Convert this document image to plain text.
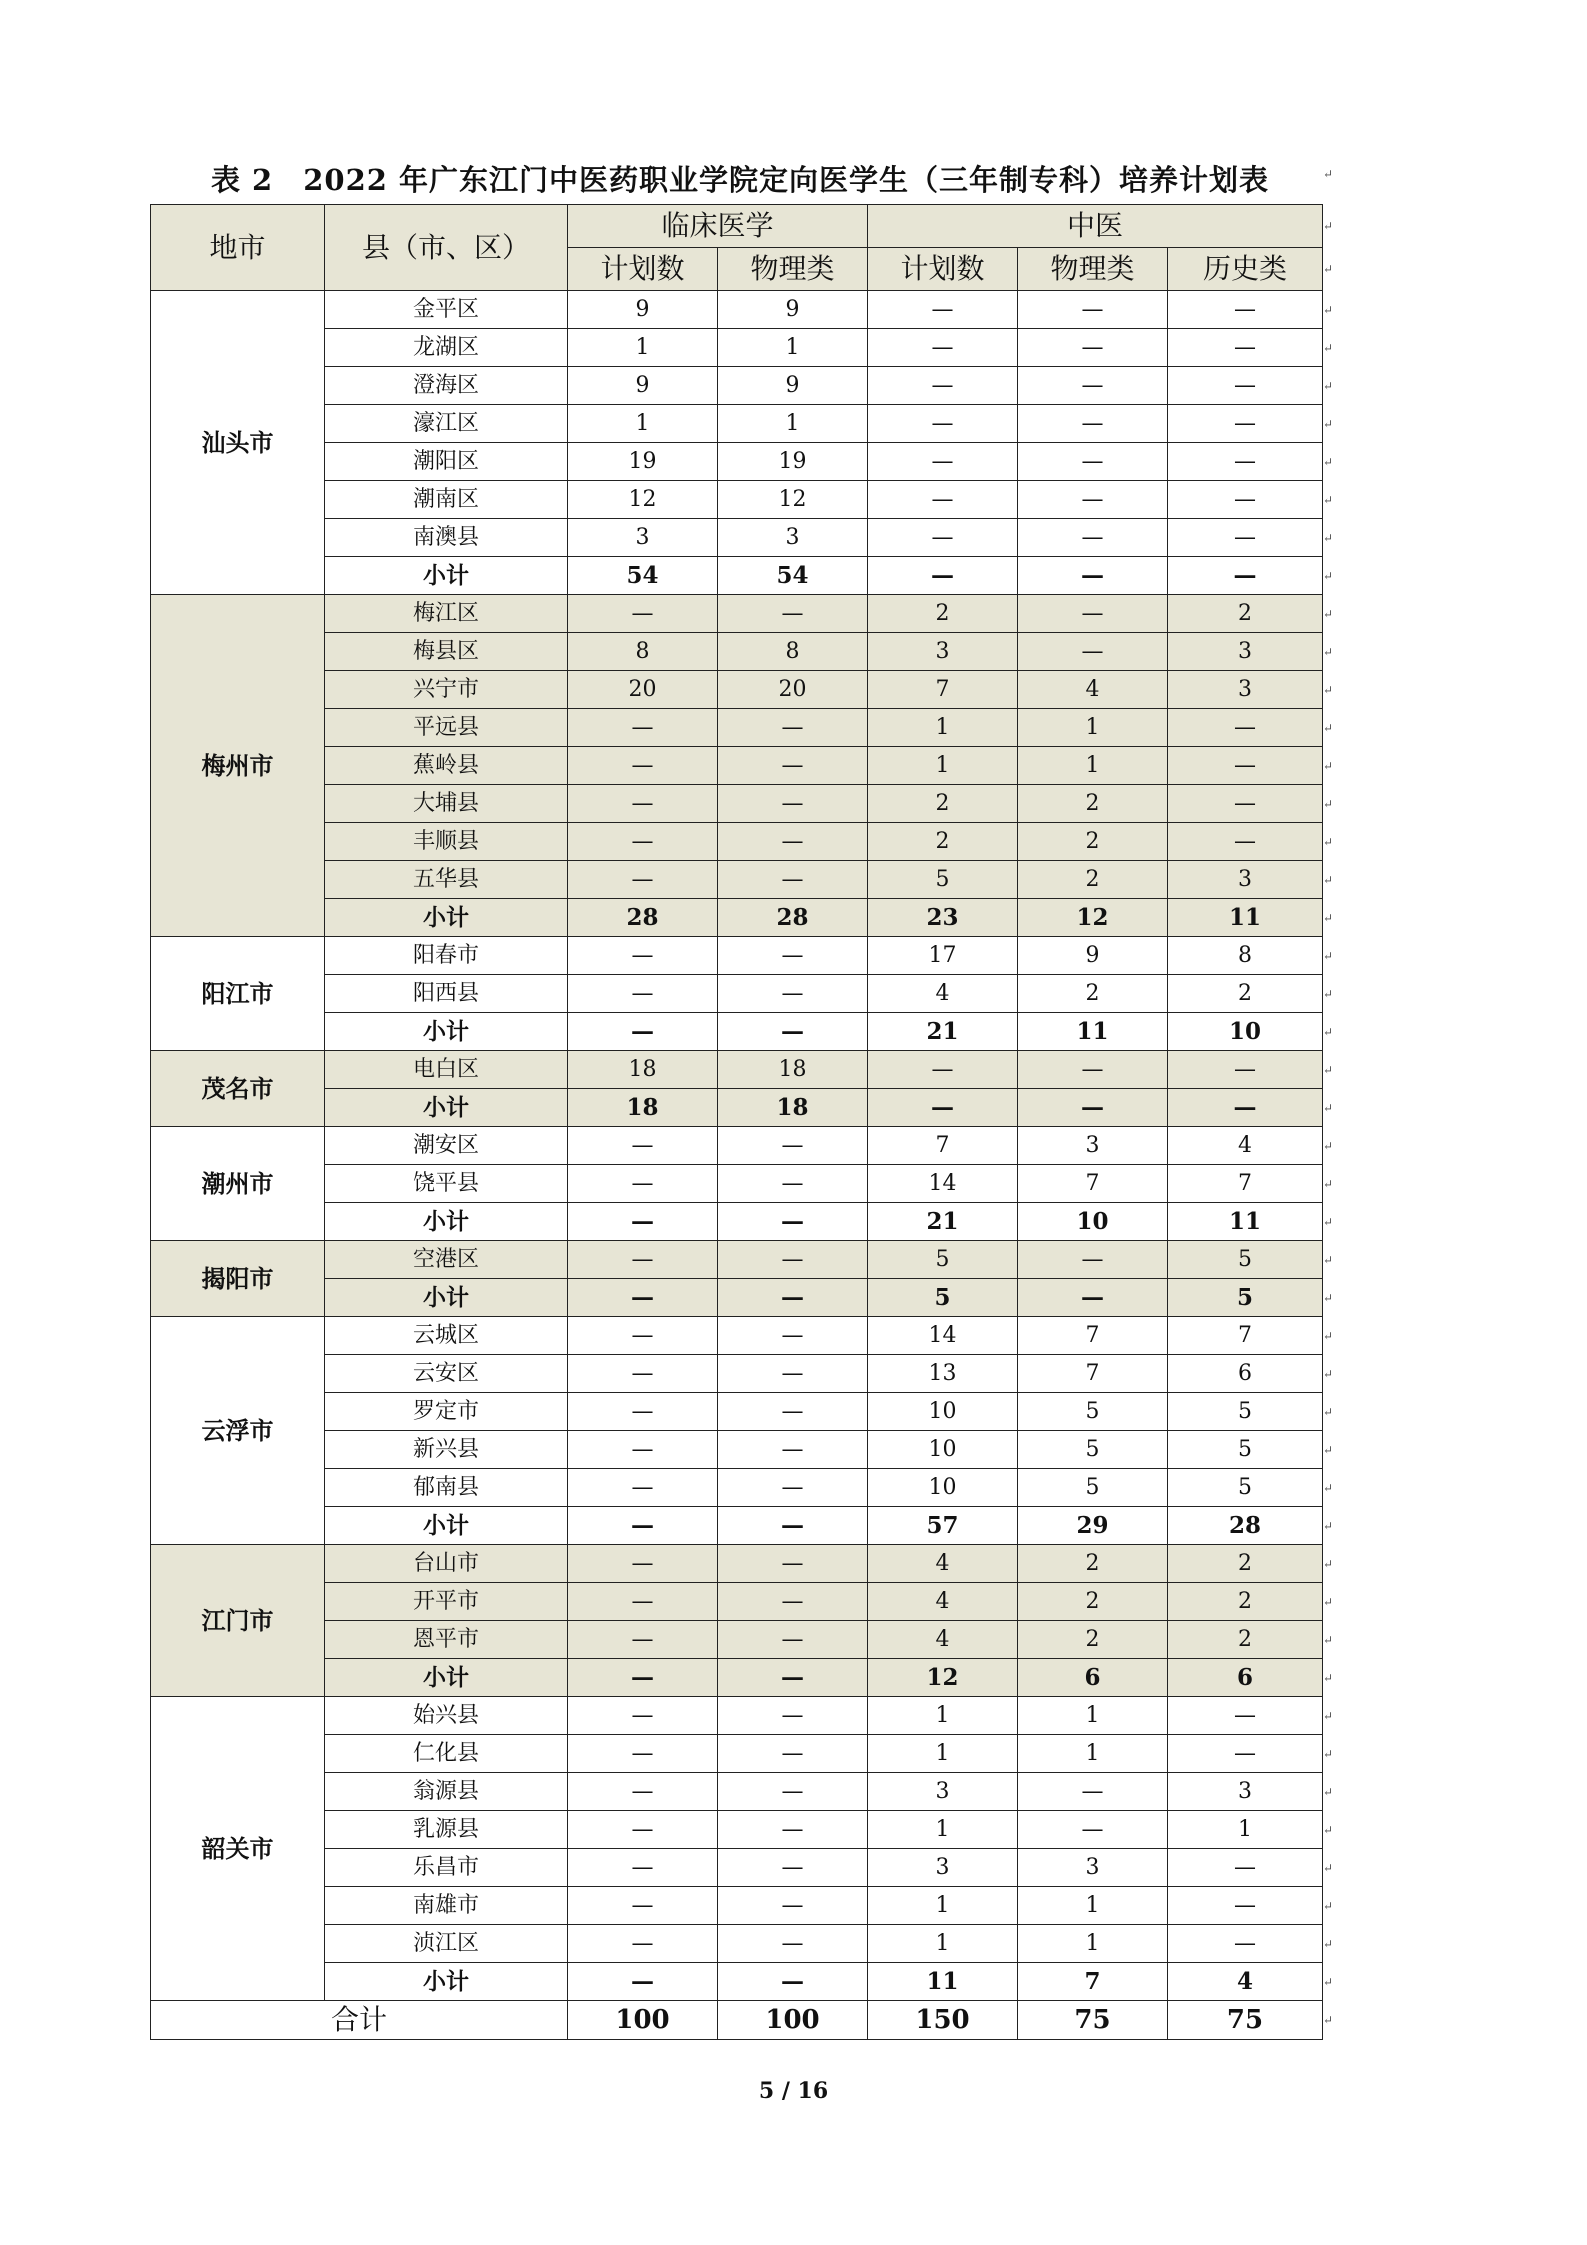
表 2　2022 年广东江门中医药职业学院定向医学生（三年制专科）培养计划表
地市	县（市、区）	临床医学		中医		
		计划数	物理类	计划数	物理类	历史类
汕头市	金平区	9	9	—	—	—
	龙湖区	1	1	—	—	—
	澄海区	9	9	—	—	—
	濠江区	1	1	—	—	—
	潮阳区	19	19	—	—	—
	潮南区	12	12	—	—	—
	南澳县	3	3	—	—	—
	小计	54	54	—	—	—
梅州市	梅江区	—	—	2	—	2
	梅县区	8	8	3	—	3
	兴宁市	20	20	7	4	3
	平远县	—	—	1	1	—
	蕉岭县	—	—	1	1	—
	大埔县	—	—	2	2	—
	丰顺县	—	—	2	2	—
	五华县	—	—	5	2	3
	小计	28	28	23	12	11
阳江市	阳春市	—	—	17	9	8
	阳西县	—	—	4	2	2
	小计	—	—	21	11	10
茂名市	电白区	18	18	—	—	—
	小计	18	18	—	—	—
潮州市	潮安区	—	—	7	3	4
	饶平县	—	—	14	7	7
	小计	—	—	21	10	11
揭阳市	空港区	—	—	5	—	5
	小计	—	—	5	—	5
云浮市	云城区	—	—	14	7	7
	云安区	—	—	13	7	6
	罗定市	—	—	10	5	5
	新兴县	—	—	10	5	5
	郁南县	—	—	10	5	5
	小计	—	—	57	29	28
江门市	台山市	—	—	4	2	2
	开平市	—	—	4	2	2
	恩平市	—	—	4	2	2
	小计	—	—	12	6	6
韶关市	始兴县	—	—	1	1	—
	仁化县	—	—	1	1	—
	翁源县	—	—	3	—	3
	乳源县	—	—	1	—	1
	乐昌市	—	—	3	3	—
	南雄市	—	—	1	1	—
	浈江区	—	—	1	1	—
	小计	—	—	11	7	4
合计		100	100	150	75	75
↵
↵
↵
↵
↵
↵
↵
↵
↵
↵
↵
↵
↵
↵
↵
↵
↵
↵
↵
↵
↵
↵
↵
↵
↵
↵
↵
↵
↵
↵
↵
↵
↵
↵
↵
↵
↵
↵
↵
↵
↵
↵
↵
↵
↵
↵
↵
↵
↵
5 / 16
